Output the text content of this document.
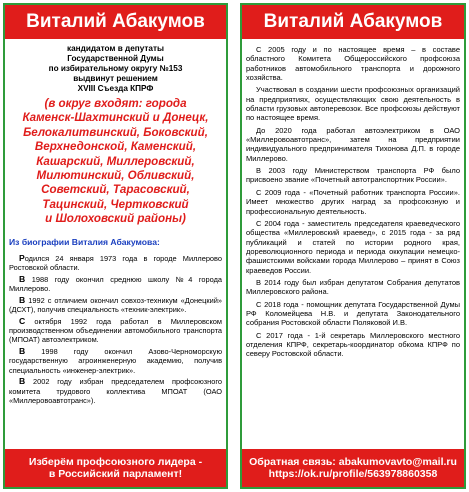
Виталий Абакумов
кандидатом в депутаты
Государственной Думы
по избирательному округу №153
выдвинут решением
XVIII Съезда КПРФ
(в округ входят: города
Каменск-Шахтинский и Донецк,
Белокалитвинский, Боковский,
Верхнедонской, Каменский,
Кашарский, Миллеровский,
Милютинский, Обливский,
Советский, Тарасовский,
Тацинский, Чертковский
и Шолоховский районы)
Из биографии Виталия Абакумова:

Родился 24 января 1973 года в городе Миллерово Ростовской области.

В 1988 году окончил среднюю школу №4 города Миллерово.

В 1992 с отличием окончил совхоз-техникум «Донецкий» (ДСХТ), получив специальность «техник-электрик».

С октября 1992 года работал в Миллеровском производственном объединении автомобильного транспорта (МПОАТ) автоэлектриком.

В 1998 году окончил Азово-Черноморскую государственную агроинженерную академию, получив специальность «инженер-электрик».

В 2002 году избран председателем профсоюзного комитета трудового коллектива МПОАТ (ОАО «Миллеровоавтотранс»).

Изберём профсоюзного лидера -
в Российский парламент!
Виталий Абакумов

С 2005 году и по настоящее время – в составе областного Комитета Общероссийского профсоюза работников автомобильного транспорта и дорожного хозяйства.

Участвовал в создании шести профсоюзных организаций на предприятиях, осуществляющих свою деятельность в области грузовых автоперевозок. Все профсоюзы действуют по настоящее время.

До 2020 года работал автоэлектриком в ОАО «Миллеровоавтотранс», затем на предприятии индивидуального предпринимателя Тихонова Д.П. в городе Миллерово.

В 2003 году Министерством транспорта РФ было присвоено звание «Почетный автотранспортник России».

С 2009 года - «Почетный работник транспорта России». Имеет множество других наград за профсоюзную и профессиональную деятельность.

С 2004 года - заместитель председателя краеведческого общества «Миллеровский краевед», с 2015 года - за ряд публикаций и статей по истории родного края, дореволюционного периода и периода оккупации немецко-фашистскими войсками города Миллерово – принят в Союз краеведов России.

В 2014 году был избран депутатом Собрания депутатов Миллеровского района.

С 2018 года - помощник депутата Государственной Думы РФ Коломейцева Н.В. и депутата Законодательного собрания Ростовской области Поляковой И.В.

С 2017 года - 1-й секретарь Миллеровского местного отделения КПРФ, секретарь-координатор обкома КПРФ по северу Ростовской области.

Обратная связь: abakumovavto@mail.ru
https://ok.ru/profile/563978860358
